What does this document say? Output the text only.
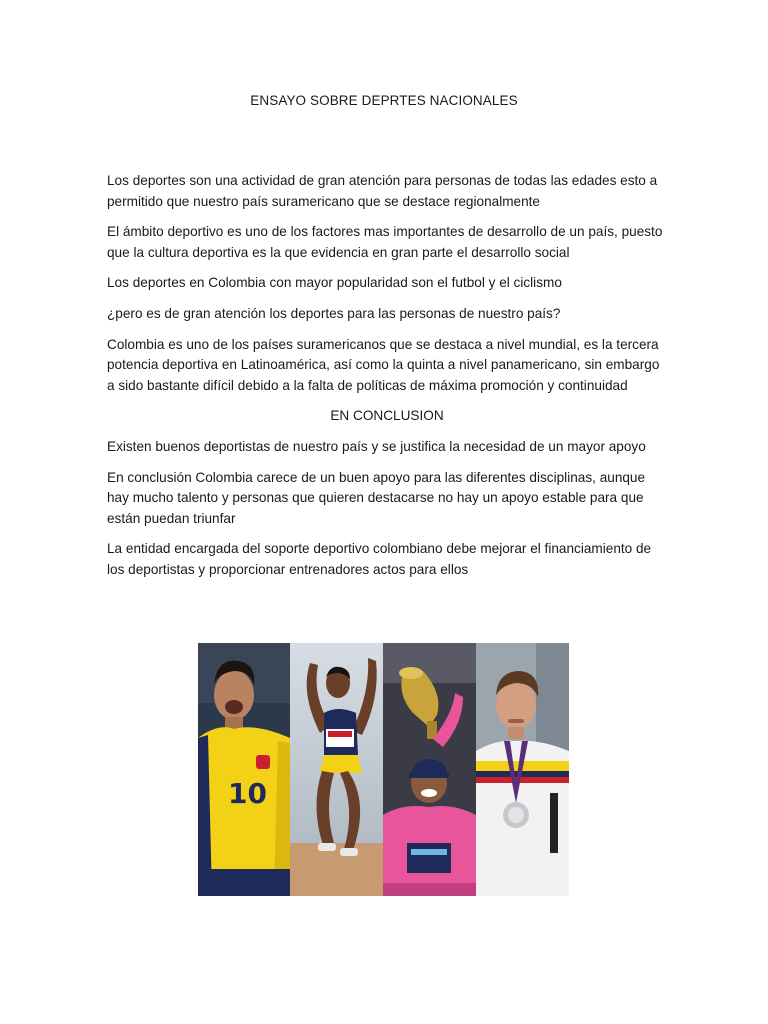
ENSAYO SOBRE DEPRTES NACIONALES

Los deportes son una actividad de gran atención para personas de todas las edades esto a permitido que nuestro país suramericano que se destace regionalmente

El ámbito deportivo es uno de los factores mas importantes de desarrollo de un país, puesto que la cultura deportiva es la que evidencia en gran parte el desarrollo social

Los deportes en Colombia con mayor popularidad son el futbol y el ciclismo

¿pero es de gran atención los deportes para las personas de nuestro país?

Colombia es uno de los países suramericanos que se destaca a nivel mundial, es la tercera potencia deportiva en Latinoamérica, así como la quinta a nivel panamericano, sin embargo a sido bastante difícil debido a la falta de políticas de máxima promoción y continuidad

EN CONCLUSION

Existen buenos deportistas de nuestro país y se justifica la necesidad de un mayor apoyo

En conclusión Colombia carece de un buen apoyo para las diferentes disciplinas, aunque hay mucho talento y personas que quieren destacarse no hay un apoyo estable para que están puedan triunfar

La entidad encargada del soporte deportivo colombiano debe mejorar el financiamiento de los deportistas y proporcionar entrenadores actos para ellos

10
